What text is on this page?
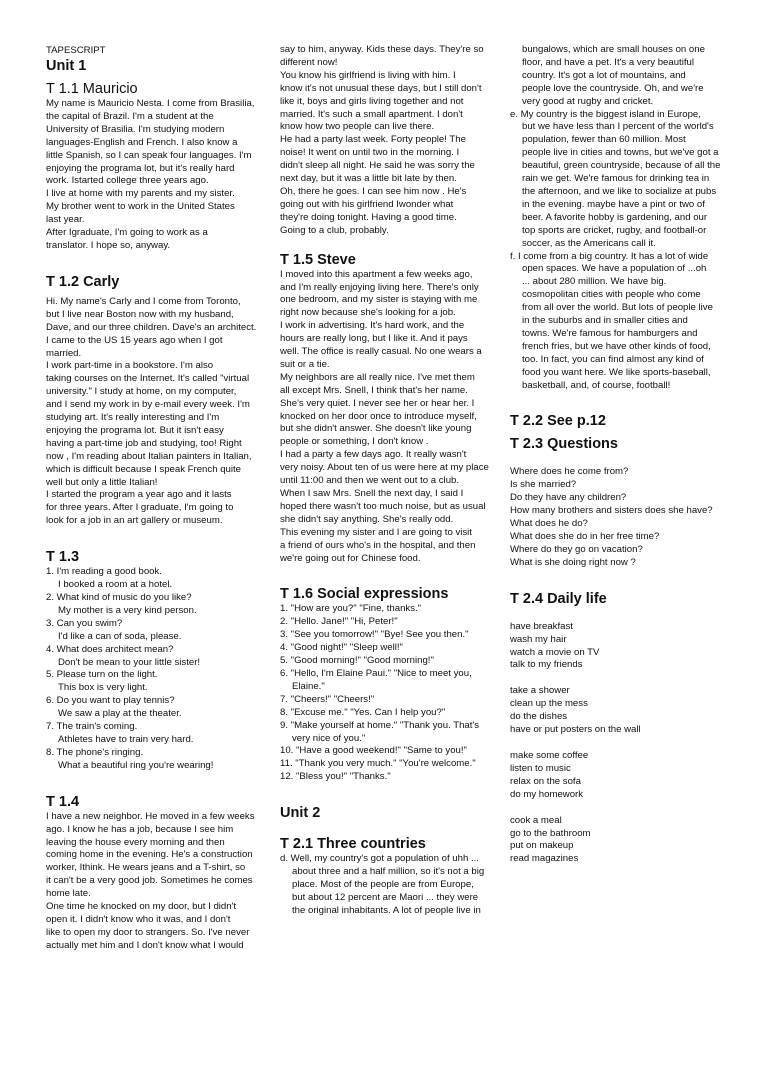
TAPESCRIPT

Unit 1

T 1.1 Mauricio

My name is Mauricio Nesta. I come from Brasilia,

the capital of Brazil. I'm a student at the

University of Brasilia. I'm studying modern

languages-English and French. I also know a

little Spanish, so I can speak four languages. I'm

enjoying the programa lot, but it's really hard

work. Istarted college three years ago.

I live at home with my parents and my sister.

My brother went to work in the United States

last year.

After Igraduate, I'm going to work as a

translator. I hope so, anyway.

T 1.2 Carly

Hi. My name's Carly and I come from Toronto,

but I live near Boston now with my husband,

Dave, and our three children. Dave's an architect.

I came to the US 15 years ago when I got

married.

I work part-time in a bookstore. I'm also

taking courses on the Internet. It's called "virtual

university." I study at home, on my computer,

and I send my work in by e-mail every week. I'm

studying art. It's really interesting and I'm

enjoying the programa lot. But it isn't easy

having a part-time job and studying, too! Right

now , I'm reading about Italian painters in Italian,

which is difficult because I speak French quite

well but only a little Italian!

I started the program a year ago and it lasts

for three years. After I graduate, I'm going to

look for a job in an art gallery or museum.

T 1.3

1. I'm reading a good book.

I booked a room at a hotel.

2. What kind of music do you like?

My mother is a very kind person.

3. Can you swim?

I'd like a can of soda, please.

4. What does architect mean?

Don't be mean to your little sister!

5. Please turn on the light.

This box is very light.

6. Do you want to play tennis?

We saw a play at the theater.

7. The train's coming.

Athletes have to train very hard.

8. The phone's ringing.

What a beautiful ring you're wearing!

T 1.4

I have a new neighbor. He moved in a few weeks

ago. I know he has a job, because I see him

leaving the house every morning and then

coming home in the evening. He's a construction

worker, Ithink. He wears jeans and a T-shirt, so

it can't be a very good job. Sometimes he comes

home late.

One time he knocked on my door, but I didn't

open it. I didn't know who it was, and I don't

like to open my door to strangers. So. I've never

actually met him and I don't know what I would

say to him, anyway. Kids these days. They're so

different now!

You know his girlfriend is living with him. I

know it's not unusual these days, but I still don't

like it, boys and girls living together and not

married. It's such a small apartment. I don't

know how two people can live there.

He had a party last week. Forty people! The

noise! It went on until two in the morning. I

didn't sleep all night. He said he was sorry the

next day, but it was a little bit late by then.

Oh, there he goes. I can see him now . He's

going out with his girlfriend Iwonder what

they're doing tonight. Having a good time.

Going to a club, probably.

T 1.5 Steve

I moved into this apartment a few weeks ago,

and I'm really enjoying living here. There's only

one bedroom, and my sister is staying with me

right now because she's looking for a job.

I work in advertising. It's hard work, and the

hours are really long, but I like it. And it pays

well. The office is really casual. No one wears a

suit or a tie.

My neighbors are all really nice. I've met them

all except Mrs. Snell, I think that's her name.

She's very quiet. I never see her or hear her. I

knocked on her door once to introduce myself,

but she didn't answer. She doesn't like young

people or something, I don't know .

I had a party a few days ago. It really wasn't

very noisy. About ten of us were here at my place

until 11:00 and then we went out to a club.

When I saw Mrs. Snell the next day, I said I

hoped there wasn't too much noise, but as usual

she didn't say anything. She's really odd.

This evening my sister and I are going to visit

a friend of ours who's in the hospital, and then

we're going out for Chinese food.

T 1.6 Social expressions

1. "How are you?" "Fine, thanks."

2. "Hello. Jane!" "Hi, Peter!"

3. "See you tomorrow!" "Bye! See you then."

4. "Good night!" "Sleep well!"

5. "Good morning!" "Good morning!"

6. "Hello, I'm Elaine Paui." "Nice to meet you,

Elaine."

7. "Cheers!" "Cheers!"

8. "Excuse me." "Yes. Can I help you?"

9. "Make yourself at home." "Thank you. That's

very nice of you."

10. "Have a good weekend!" "Same to you!"

11. "Thank you very much." "You're welcome."

12. "Bless you!" "Thanks."

Unit 2

T 2.1 Three countries

d. Well, my country's got a population of uhh ...

about three and a half million, so it's not a big

place. Most of the people are from Europe,

but about 12 percent are Maori ... they were

the original inhabitants. A lot of people live in

bungalows, which are small houses on one

floor, and have a pet. It's a very beautiful

country. It's got a lot of mountains, and

people love the countryside. Oh, and we're

very good at rugby and cricket.

e. My country is the biggest island in Europe,

but we have less than I percent of the world's

population, fewer than 60 million. Most

people live in cities and towns, but we've got a

beautiful, green countryside, because of all the

rain we get. We're famous for drinking tea in

the afternoon, and we like to socialize at pubs

in the evening. maybe have a pint or two of

beer. A favorite hobby is gardening, and our

top sports are cricket, rugby, and football-or

soccer, as the Americans call it.

f. I come from a big country. It has a lot of wide

open spaces. We have a population of ...oh

... about 280 million. We have big.

cosmopolitan cities with people who come

from all over the world. But lots of people live

in the suburbs and in smaller cities and

towns. We're famous for hamburgers and

french fries, but we have other kinds of food,

too. In fact, you can find almost any kind of

food you want here. We like sports-baseball,

basketball, and, of course, football!

T 2.2 See p.12

T 2.3 Questions

Where does he come from?

Is she married?

Do they have any children?

How many brothers and sisters does she have?

What does he do?

What does she do in her free time?

Where do they go on vacation?

What is she doing right now ?

T 2.4 Daily life

have breakfast

wash my hair

watch a movie on TV

talk to my friends

take a shower

clean up the mess

do the dishes

have or put posters on the wall

make some coffee

listen to music

relax on the sofa

do my homework

cook a meal

go to the bathroom

put on makeup

read magazines
